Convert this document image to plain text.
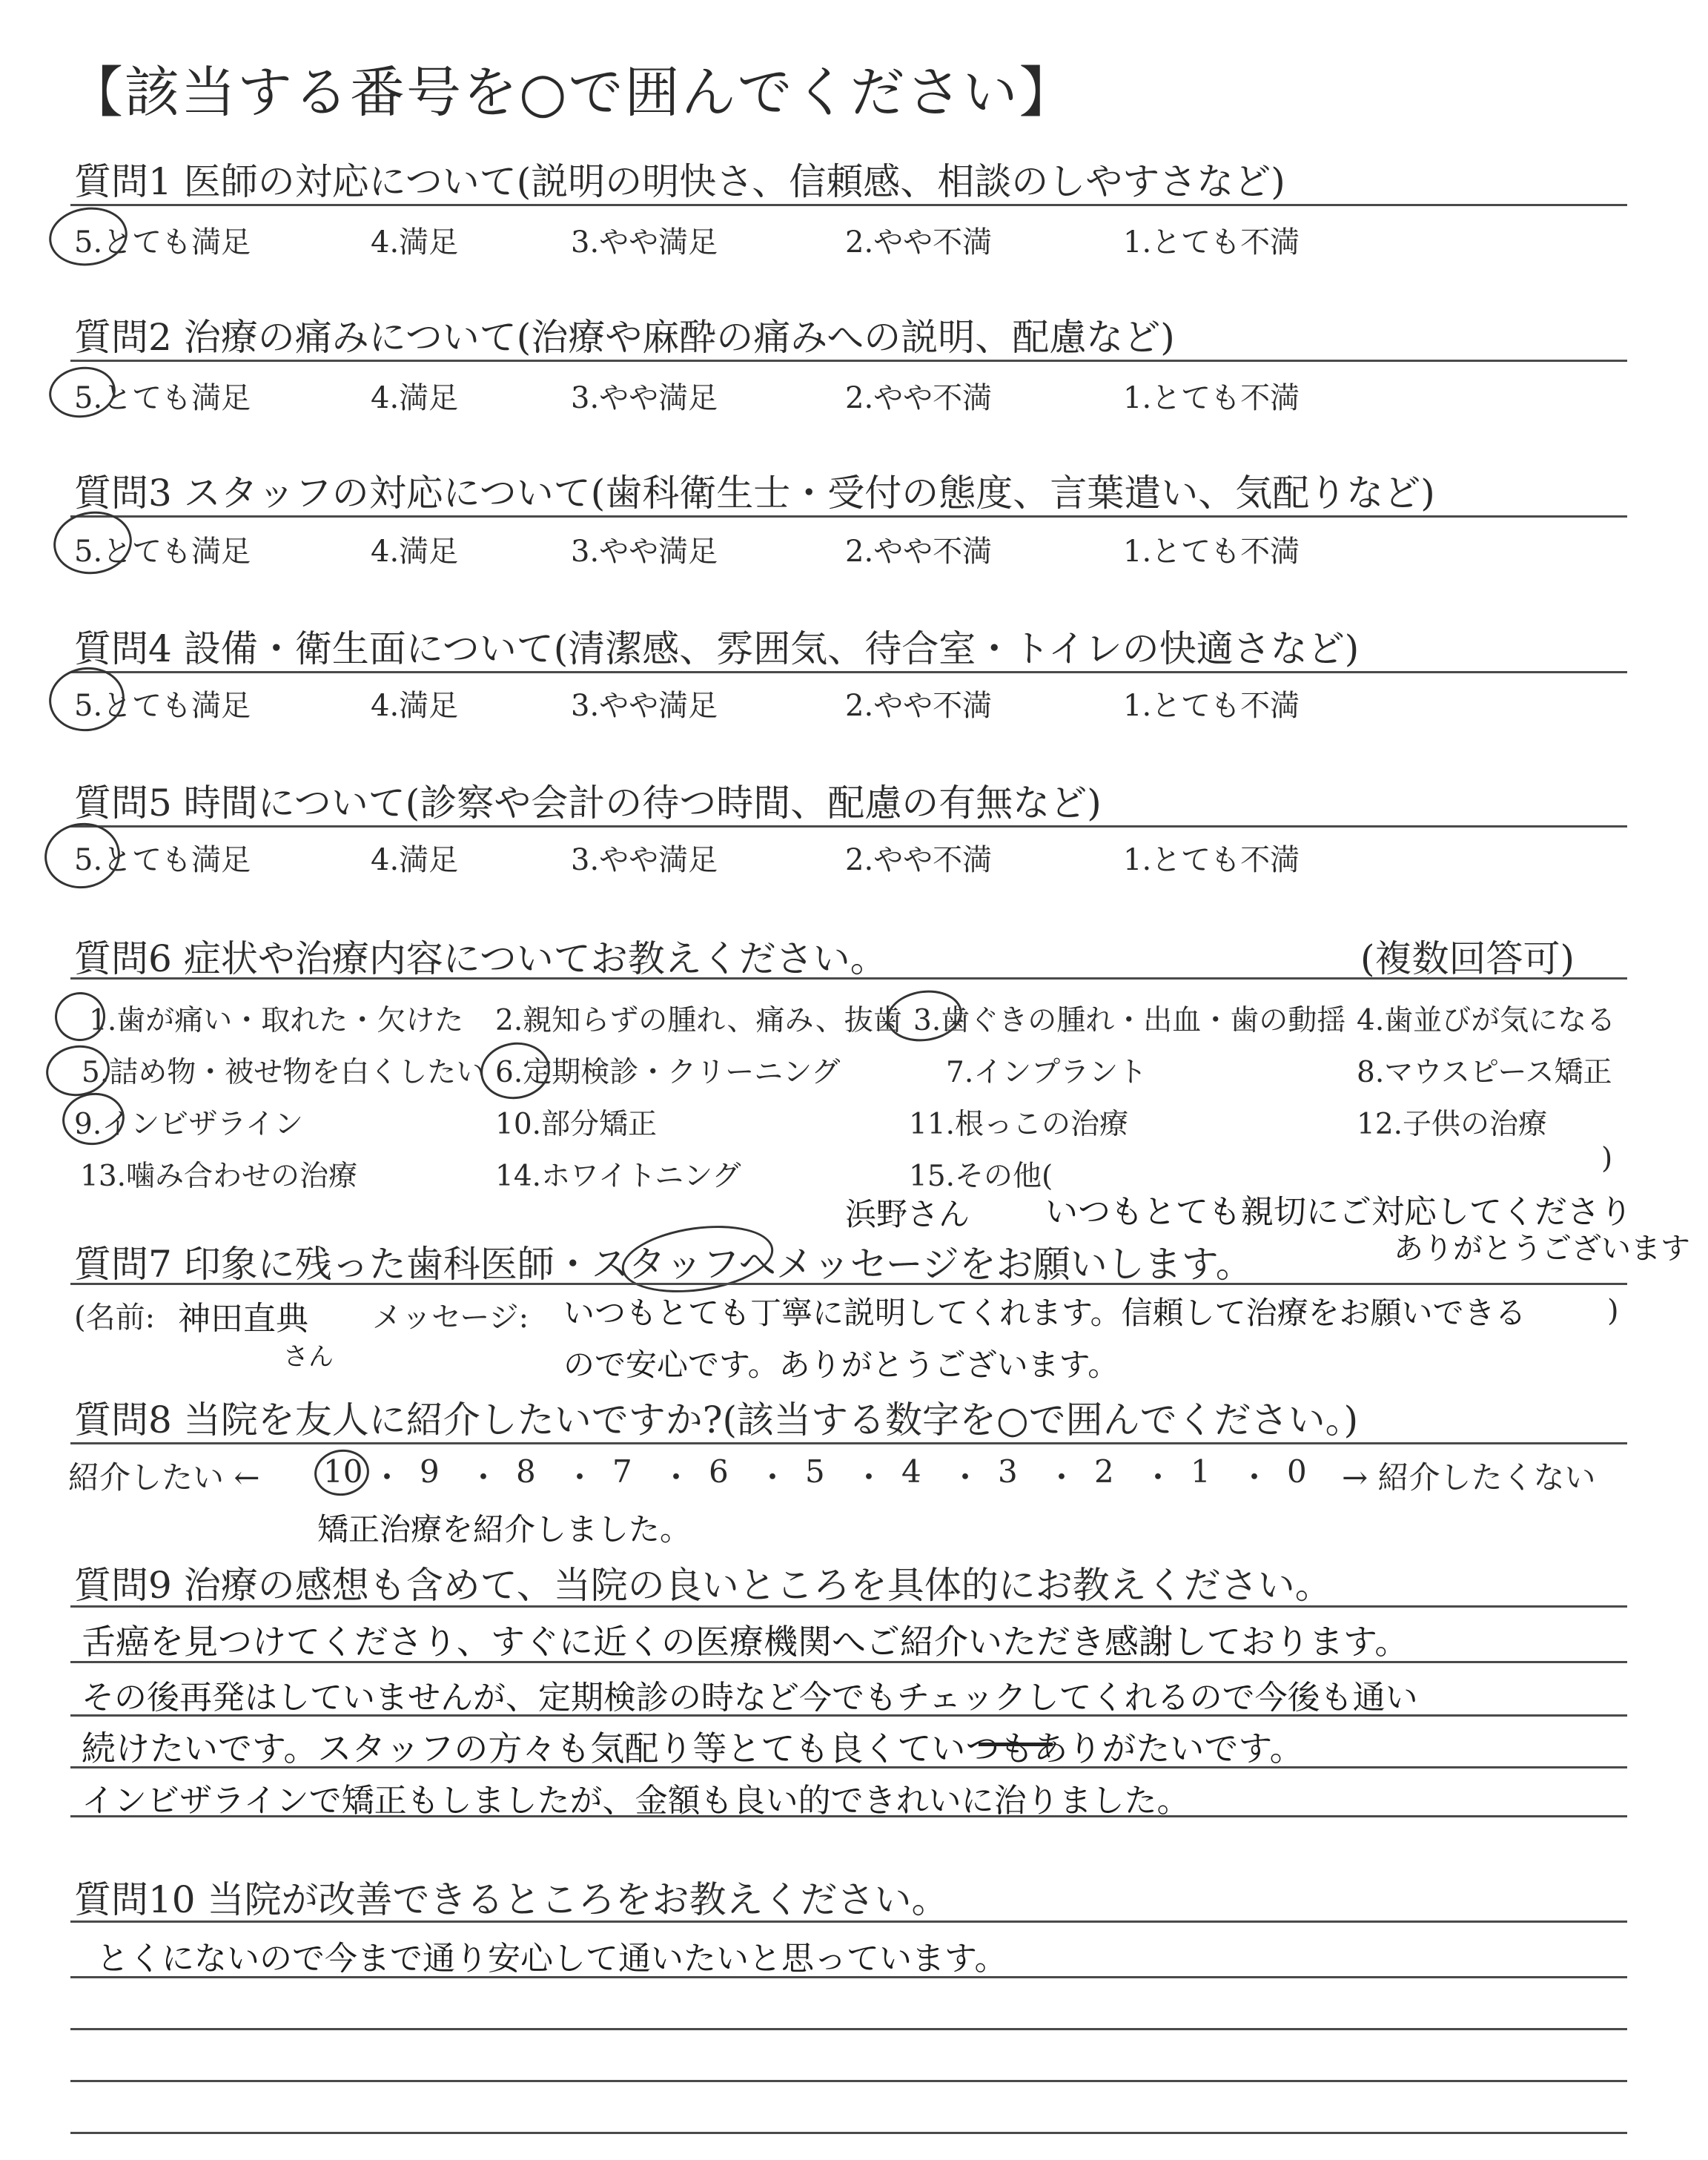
【該当する番号を○で囲んでください】
質問1 医師の対応について(説明の明快さ、信頼感、相談のしやすさなど)
5.とても満足	4.満足	3.やや満足	2.やや不満	1.とても不満
質問2 治療の痛みについて(治療や麻酔の痛みへの説明、配慮など)
5.とても満足	4.満足	3.やや満足	2.やや不満	1.とても不満
質問3 スタッフの対応について(歯科衛生士・受付の態度、言葉遣い、気配りなど)
5.とても満足	4.満足	3.やや満足	2.やや不満	1.とても不満
質問4 設備・衛生面について(清潔感、雰囲気、待合室・トイレの快適さなど)
5.とても満足	4.満足	3.やや満足	2.やや不満	1.とても不満
質問5 時間について(診察や会計の待つ時間、配慮の有無など)
5.とても満足	4.満足	3.やや満足	2.やや不満	1.とても不満
質問6 症状や治療内容についてお教えください。	(複数回答可)
1.歯が痛い・取れた・欠けた 2.親知らずの腫れ、痛み、抜歯 3.歯ぐきの腫れ・出血・歯の動揺 4.歯並びが気になる
5.詰め物・被せ物を白くしたい 6.定期検診・クリーニング	7.インプラント	8.マウスピース矯正
9.インビザライン	10.部分矯正	11.根っこの治療	12.子供の治療
13.噛み合わせの治療	14.ホワイトニング	15.その他(
)
浜野さん いつもとても親切にご対応してくださり
ありがとうございます
質問7 印象に残った歯科医師・スタッフへメッセージをお願いします。
(名前: 神田直典
さん
メッセージ: いつもとても丁寧に説明してくれます。信頼して治療をお願いできる	)
ので安心です。ありがとうございます。
質問8 当院を友人に紹介したいですか?(該当する数字を○で囲んでください。)
紹介したい ← 10 ・ 9 ・ 8 ・ 7 ・ 6 ・ 5 ・ 4 ・ 3 ・ 2 ・ 1 ・ 0 → 紹介したくない
矯正治療を紹介しました。
質問9 治療の感想も含めて、当院の良いところを具体的にお教えください。
舌癌を見つけてくださり、すぐに近くの医療機関へご紹介いただき感謝しております。
その後再発はしていませんが、定期検診の時など今でもチェックしてくれるので今後も通い
続けたいです。スタッフの方々も気配り等とても良くていつもありがたいです。
インビザラインで矯正もしましたが、金額も良い的できれいに治りました。
質問10 当院が改善できるところをお教えください。
とくにないので今まで通り安心して通いたいと思っています。
